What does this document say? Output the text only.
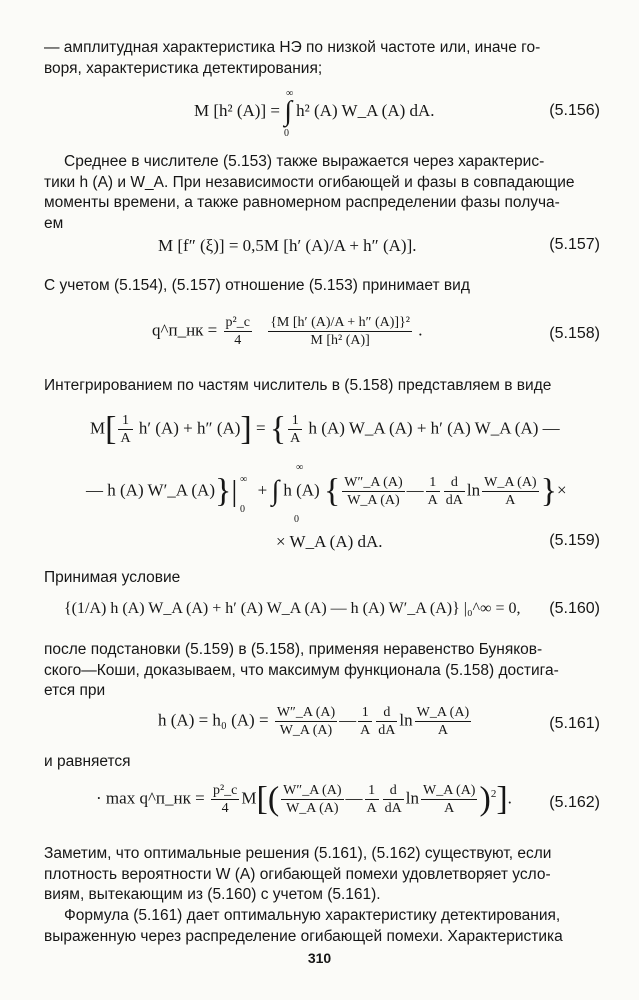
— амплитудная характеристика НЭ по низкой частоте или, иначе го-
воря, характеристика детектирования;
M [h² (A)] = ∫ h² (A) W_A (A) dA.
∞
0
(5.156)
Среднее в числителе (5.153) также выражается через характерис-
тики h (A) и W_A. При независимости огибающей и фазы в совпадающие
моменты времени, а также равномерном распределении фазы получа-
ем
M [f″ (ξ)] = 0,5M [h′ (A)/A + h″ (A)].	(5.157)
С учетом (5.154), (5.157) отношение (5.153) принимает вид
q^п_нк = $\frac{\text{p²\_c}}{4}$
$\frac{\text{\{M [h′ (A)/A + h″ (A)]\}²}}{\text{M [h² (A)]}}$ .	(5.158)
Интегрированием по частям числитель в (5.158) представляем в виде
$M[ \frac{1}{A} h'$ (A) + h″ (A)] = { $\frac{1}{A}$ h (A) W_A (A) + h′ (A) W_A (A) —
— h (A) W′_A (A)}| + ∫ h (A) { $\frac{W''\_A (A)}{W\_A (A)}$ — $\frac{1}{A} \frac{d}{dA}$ $\ln \frac{W\_A (A)}{A}$ }×
∞
0
∞
0
× W_A (A) dA.	(5.159)
Принимая условие
{(1/A) h (A) W_A (A) + h′ (A) W_A (A) — h (A) W′_A (A)} |₀^∞ = 0, (5.160)
после подстановки (5.159) в (5.158), применяя неравенство Буняков-
ского—Коши, доказываем, что максимум функционала (5.158) достига-
ется при
h (A) = h₀ $(A) = \frac{W''\_A (A)}{W\_A (A)}$ — $\frac{1}{A} \frac{d}{dA}$ $\ln \frac{W\_A (A)}{A}$	(5.161)
и равняется
· max q^п_нк = $\frac{\text{p²\_c}}{4} M[( \frac{W''\_A (A)}{W\_A (A)}$ — $\frac{1}{A} \frac{d}{dA}$ $\ln \frac{W\_A (A)}{A} )^2$]. (5.162)
Заметим, что оптимальные решения (5.161), (5.162) существуют, если
плотность вероятности W (A) огибающей помехи удовлетворяет усло-
виям, вытекающим из (5.160) с учетом (5.161).
Формула (5.161) дает оптимальную характеристику детектирования,
выраженную через распределение огибающей помехи. Характеристика
310
